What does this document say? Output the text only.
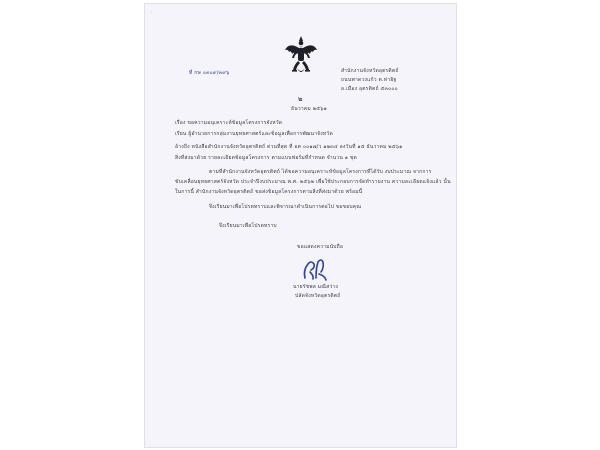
.
ที่ กษ ๐๓๐๙/๓๙๖	สำนักงานจังหวัดอุตรดิตถ์
ถนนพาดวงแก้ว ต.ท่าอิฐ
อ.เมือง อุตรดิตถ์ ๕๓๐๐๐
๒
ธันวาคม ๒๕๖๑
เรื่อง ขอความอนุเคราะห์ข้อมูลโครงการจังหวัด
เรียน ผู้อำนวยการกลุ่มงานยุทธศาสตร์และข้อมูลเพื่อการพัฒนาจังหวัด
อ้างถึง หนังสือสำนักงานจังหวัดอุตรดิตถ์ ด่วนที่สุด ที่ อต ๐๐๑๗/ว ๑๒๓๔ ลงวันที่ ๑๕ ธันวาคม ๒๕๖๑
สิ่งที่ส่งมาด้วย รายละเอียดข้อมูลโครงการ ตามแบบฟอร์มที่กำหนด จำนวน ๑ ชุด
ตามที่สำนักงานจังหวัดอุตรดิตถ์ ได้ขอความอนุเคราะห์ข้อมูลโครงการที่ได้รับ งบประมาณ จากการ
ขับเคลื่อนยุทธศาสตร์จังหวัด ประจำปีงบประมาณ พ.ศ. ๒๕๖๒ เพื่อใช้ประกอบการจัดทำรายงาน ความละเอียดแจ้งแล้ว นั้น
ในการนี้ สำนักงานจังหวัดอุตรดิตถ์ ขอส่งข้อมูลโครงการตามสิ่งที่ส่งมาด้วย พร้อมนี้
จึงเรียนมาเพื่อโปรดทราบและพิจารณาดำเนินการต่อไป ขอขอบคุณ
จึงเรียนมาเพื่อโปรดทราบ
ขอแสดงความนับถือ
นายรัชพล มณีสว่าง
ปลัดจังหวัดอุตรดิตถ์
